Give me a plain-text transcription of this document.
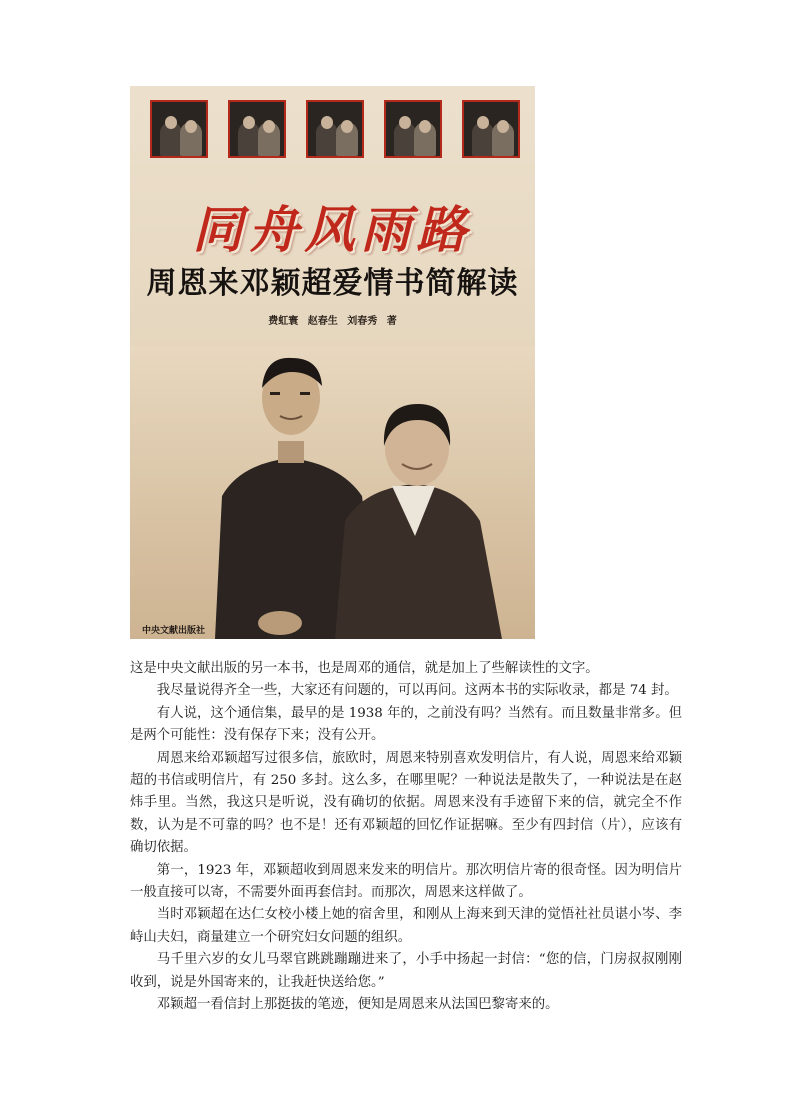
同舟风雨路
周恩来邓颖超爱情书简解读
费虹寰 赵春生 刘春秀 著
中央文献出版社

这是中央文献出版的另一本书，也是周邓的通信，就是加上了些解读性的文字。

我尽量说得齐全一些，大家还有问题的，可以再问。这两本书的实际收录，都是 74 封。

有人说，这个通信集，最早的是 1938 年的，之前没有吗？当然有。而且数量非常多。但是两个可能性：没有保存下来；没有公开。

周恩来给邓颖超写过很多信，旅欧时，周恩来特别喜欢发明信片，有人说，周恩来给邓颖超的书信或明信片，有 250 多封。这么多，在哪里呢？一种说法是散失了，一种说法是在赵炜手里。当然，我这只是听说，没有确切的依据。周恩来没有手迹留下来的信，就完全不作数，认为是不可靠的吗？也不是！还有邓颖超的回忆作证据嘛。至少有四封信（片），应该有确切依据。

第一，1923 年，邓颖超收到周恩来发来的明信片。那次明信片寄的很奇怪。因为明信片一般直接可以寄，不需要外面再套信封。而那次，周恩来这样做了。

当时邓颖超在达仁女校小楼上她的宿舍里，和刚从上海来到天津的觉悟社社员谌小岑、李峙山夫妇，商量建立一个研究妇女问题的组织。

马千里六岁的女儿马翠官跳跳蹦蹦进来了，小手中扬起一封信：“您的信，门房叔叔刚刚收到，说是外国寄来的，让我赶快送给您。”

邓颖超一看信封上那挺拔的笔迹，便知是周恩来从法国巴黎寄来的。
